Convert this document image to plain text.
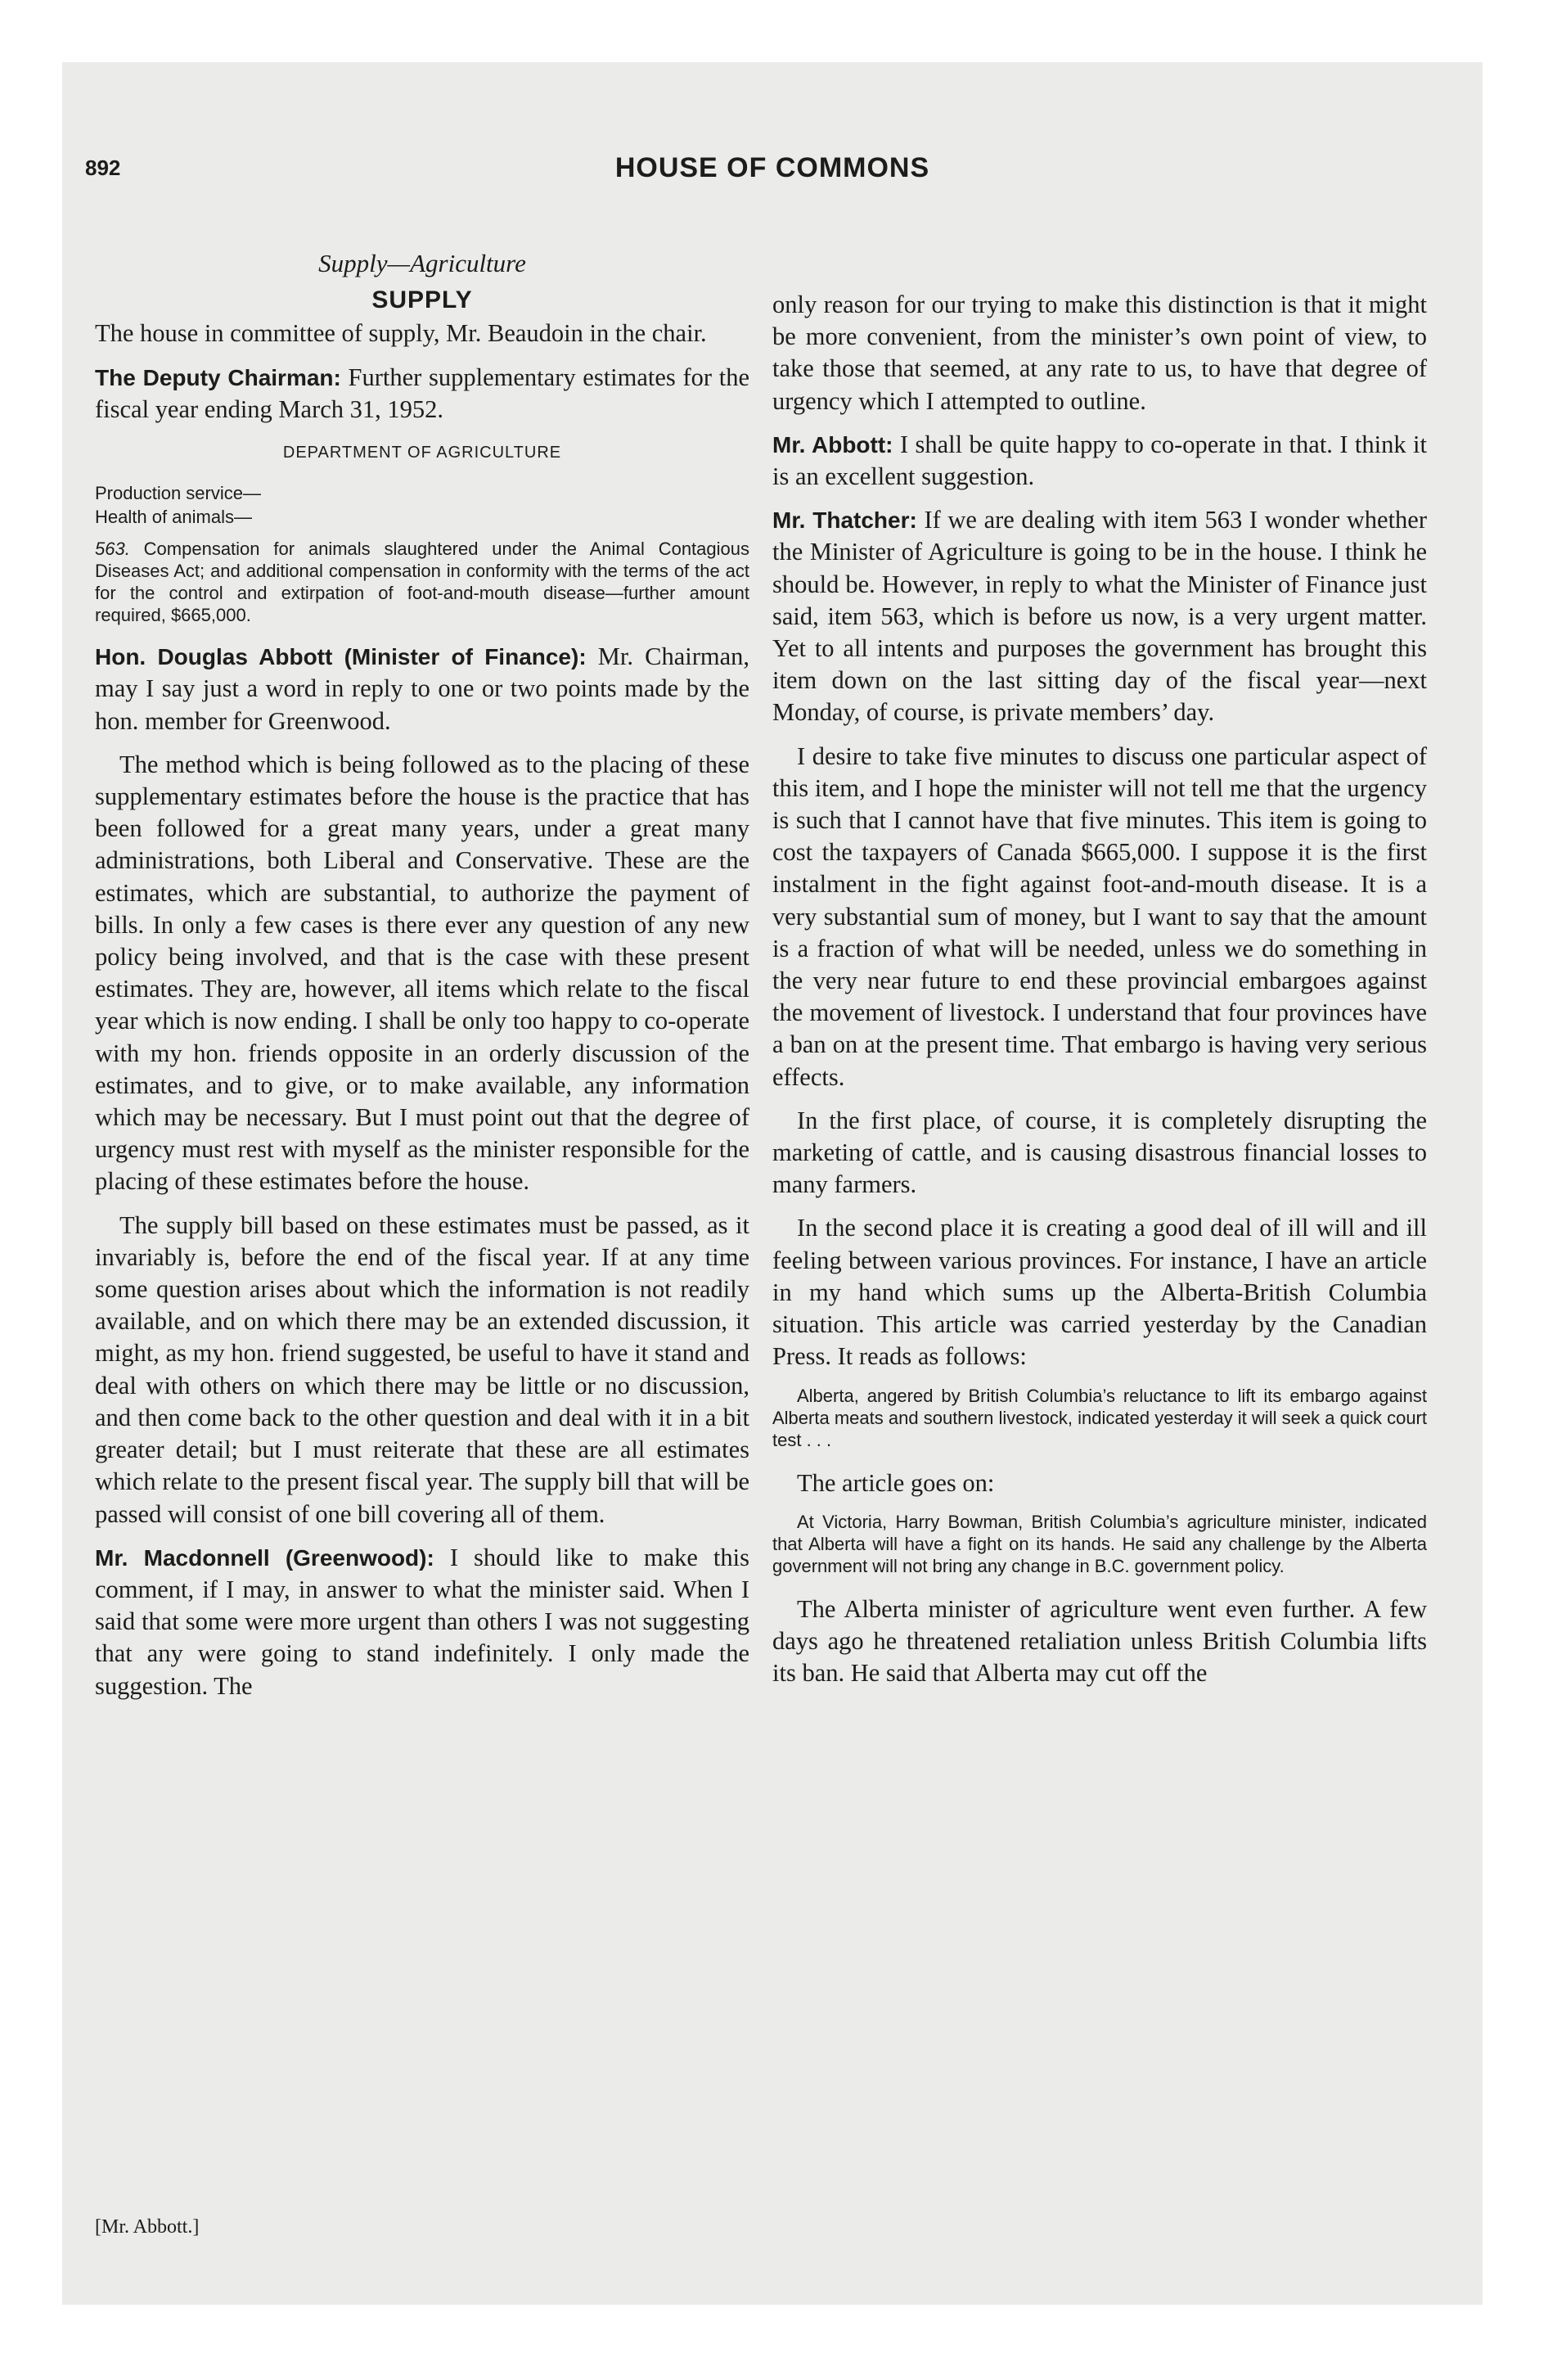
892	HOUSE OF COMMONS
Supply—Agriculture
SUPPLY

The house in committee of supply, Mr. Beaudoin in the chair.

The Deputy Chairman: Further supplementary estimates for the fiscal year ending March 31, 1952.

DEPARTMENT OF AGRICULTURE
Production service—
Health of animals—
563. Compensation for animals slaughtered under the Animal Contagious Diseases Act; and additional compensation in conformity with the terms of the act for the control and extirpation of foot-and-mouth disease—further amount required, $665,000.

Hon. Douglas Abbott (Minister of Finance): Mr. Chairman, may I say just a word in reply to one or two points made by the hon. member for Greenwood.

The method which is being followed as to the placing of these supplementary estimates before the house is the practice that has been followed for a great many years, under a great many administrations, both Liberal and Conservative. These are the estimates, which are substantial, to authorize the payment of bills. In only a few cases is there ever any question of any new policy being involved, and that is the case with these present estimates. They are, however, all items which relate to the fiscal year which is now ending. I shall be only too happy to co-operate with my hon. friends opposite in an orderly discussion of the estimates, and to give, or to make available, any information which may be necessary. But I must point out that the degree of urgency must rest with myself as the minister responsible for the placing of these estimates before the house.

The supply bill based on these estimates must be passed, as it invariably is, before the end of the fiscal year. If at any time some question arises about which the information is not readily available, and on which there may be an extended discussion, it might, as my hon. friend suggested, be useful to have it stand and deal with others on which there may be little or no discussion, and then come back to the other question and deal with it in a bit greater detail; but I must reiterate that these are all estimates which relate to the present fiscal year. The supply bill that will be passed will consist of one bill covering all of them.

Mr. Macdonnell (Greenwood): I should like to make this comment, if I may, in answer to what the minister said. When I said that some were more urgent than others I was not suggesting that any were going to stand indefinitely. I only made the suggestion. The

only reason for our trying to make this distinction is that it might be more convenient, from the minister’s own point of view, to take those that seemed, at any rate to us, to have that degree of urgency which I attempted to outline.

Mr. Abbott: I shall be quite happy to co-operate in that. I think it is an excellent suggestion.

Mr. Thatcher: If we are dealing with item 563 I wonder whether the Minister of Agriculture is going to be in the house. I think he should be. However, in reply to what the Minister of Finance just said, item 563, which is before us now, is a very urgent matter. Yet to all intents and purposes the government has brought this item down on the last sitting day of the fiscal year—next Monday, of course, is private members’ day.

I desire to take five minutes to discuss one particular aspect of this item, and I hope the minister will not tell me that the urgency is such that I cannot have that five minutes. This item is going to cost the taxpayers of Canada $665,000. I suppose it is the first instalment in the fight against foot-and-mouth disease. It is a very substantial sum of money, but I want to say that the amount is a fraction of what will be needed, unless we do something in the very near future to end these provincial embargoes against the movement of livestock. I understand that four provinces have a ban on at the present time. That embargo is having very serious effects.

In the first place, of course, it is completely disrupting the marketing of cattle, and is causing disastrous financial losses to many farmers.

In the second place it is creating a good deal of ill will and ill feeling between various provinces. For instance, I have an article in my hand which sums up the Alberta-British Columbia situation. This article was carried yesterday by the Canadian Press. It reads as follows:

Alberta, angered by British Columbia’s reluctance to lift its embargo against Alberta meats and southern livestock, indicated yesterday it will seek a quick court test . . .

The article goes on:

At Victoria, Harry Bowman, British Columbia’s agriculture minister, indicated that Alberta will have a fight on its hands. He said any challenge by the Alberta government will not bring any change in B.C. government policy.

The Alberta minister of agriculture went even further. A few days ago he threatened retaliation unless British Columbia lifts its ban. He said that Alberta may cut off the

[Mr. Abbott.]
